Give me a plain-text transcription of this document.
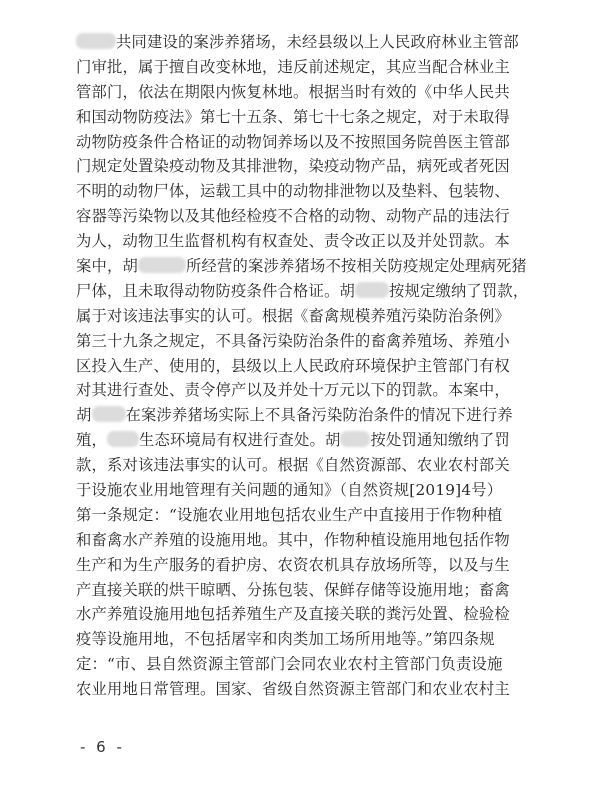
共同建设的案涉养猪场，未经县级以上人民政府林业主管部
门审批，属于擅自改变林地，违反前述规定，其应当配合林业主
管部门，依法在期限内恢复林地。根据当时有效的《中华人民共
和国动物防疫法》第七十五条、第七十七条之规定，对于未取得
动物防疫条件合格证的动物饲养场以及不按照国务院兽医主管部
门规定处置染疫动物及其排泄物，染疫动物产品，病死或者死因
不明的动物尸体，运载工具中的动物排泄物以及垫料、包装物、
容器等污染物以及其他经检疫不合格的动物、动物产品的违法行
为人，动物卫生监督机构有权查处、责令改正以及并处罚款。本
案中，胡	所经营的案涉养猪场不按相关防疫规定处理病死猪
尸体，且未取得动物防疫条件合格证。胡 按规定缴纳了罚款，
属于对该违法事实的认可。根据《畜禽规模养殖污染防治条例》
第三十九条之规定，不具备污染防治条件的畜禽养殖场、养殖小
区投入生产、使用的，县级以上人民政府环境保护主管部门有权
对其进行查处、责令停产以及并处十万元以下的罚款。本案中，
胡 在案涉养猪场实际上不具备污染防治条件的情况下进行养
殖， 生态环境局有权进行查处。胡 按处罚通知缴纳了罚
款，系对该违法事实的认可。根据《自然资源部、农业农村部关
于设施农业用地管理有关问题的通知》（自然资规[2019]4号）
第一条规定：“设施农业用地包括农业生产中直接用于作物种植
和畜禽水产养殖的设施用地。其中，作物种植设施用地包括作物
生产和为生产服务的看护房、农资农机具存放场所等，以及与生
产直接关联的烘干晾晒、分拣包装、保鲜存储等设施用地；畜禽
水产养殖设施用地包括养殖生产及直接关联的粪污处置、检验检
疫等设施用地，不包括屠宰和肉类加工场所用地等。”第四条规
定：“市、县自然资源主管部门会同农业农村主管部门负责设施
农业用地日常管理。国家、省级自然资源主管部门和农业农村主
- 6 -
